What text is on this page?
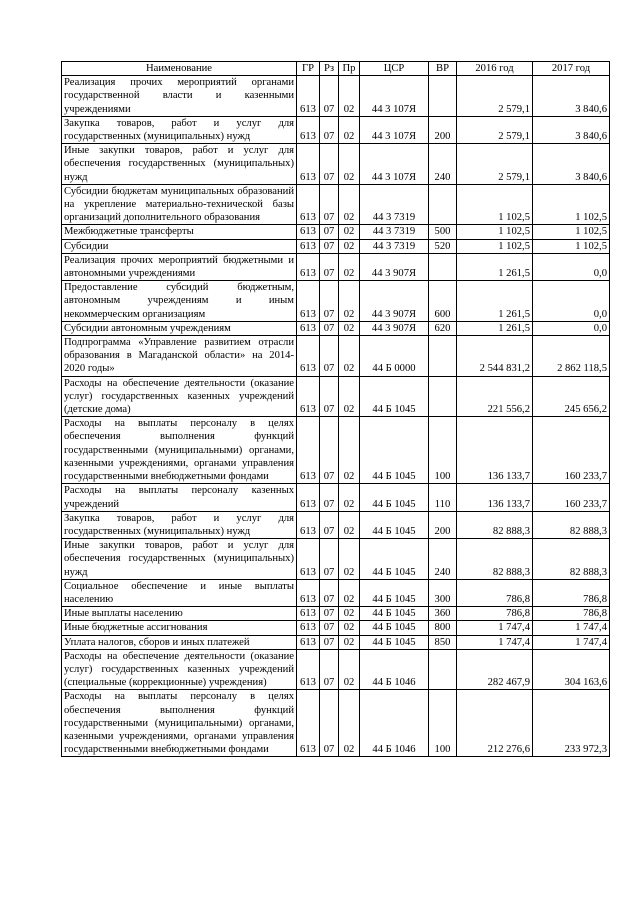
Наименование	ГР	Рз	Пр	ЦСР	ВР	2016 год	2017 год
Реализация прочих мероприятий органами государственной власти и казенными учреждениями	613	07	02	44 3 107Я		2 579,1	3 840,6
Закупка товаров, работ и услуг для государственных (муниципальных) нужд	613	07	02	44 3 107Я	200	2 579,1	3 840,6
Иные закупки товаров, работ и услуг для обеспечения государственных (муниципальных) нужд	613	07	02	44 3 107Я	240	2 579,1	3 840,6
Субсидии бюджетам муниципальных образований на укрепление материально-технической базы организаций дополнительного образования	613	07	02	44 3 7319		1 102,5	1 102,5
Межбюджетные трансферты	613	07	02	44 3 7319	500	1 102,5	1 102,5
Субсидии	613	07	02	44 3 7319	520	1 102,5	1 102,5
Реализация прочих мероприятий бюджетными и автономными учреждениями	613	07	02	44 3 907Я		1 261,5	0,0
Предоставление субсидий бюджетным, автономным учреждениям и иным некоммерческим организациям	613	07	02	44 3 907Я	600	1 261,5	0,0
Субсидии автономным учреждениям	613	07	02	44 3 907Я	620	1 261,5	0,0
Подпрограмма «Управление развитием отрасли образования в Магаданской области» на 2014-2020 годы»	613	07	02	44 Б 0000		2 544 831,2	2 862 118,5
Расходы на обеспечение деятельности (оказание услуг) государственных казенных учреждений (детские дома)	613	07	02	44 Б 1045		221 556,2	245 656,2
Расходы на выплаты персоналу в целях обеспечения выполнения функций государственными (муниципальными) органами, казенными учреждениями, органами управления государственными внебюджетными фондами	613	07	02	44 Б 1045	100	136 133,7	160 233,7
Расходы на выплаты персоналу казенных учреждений	613	07	02	44 Б 1045	110	136 133,7	160 233,7
Закупка товаров, работ и услуг для государственных (муниципальных) нужд	613	07	02	44 Б 1045	200	82 888,3	82 888,3
Иные закупки товаров, работ и услуг для обеспечения государственных (муниципальных) нужд	613	07	02	44 Б 1045	240	82 888,3	82 888,3
Социальное обеспечение и иные выплаты населению	613	07	02	44 Б 1045	300	786,8	786,8
Иные выплаты населению	613	07	02	44 Б 1045	360	786,8	786,8
Иные бюджетные ассигнования	613	07	02	44 Б 1045	800	1 747,4	1 747,4
Уплата налогов, сборов и иных платежей	613	07	02	44 Б 1045	850	1 747,4	1 747,4
Расходы на обеспечение деятельности (оказание услуг) государственных казенных учреждений (специальные (коррекционные) учреждения)	613	07	02	44 Б 1046		282 467,9	304 163,6
Расходы на выплаты персоналу в целях обеспечения выполнения функций государственными (муниципальными) органами, казенными учреждениями, органами управления государственными внебюджетными фондами	613	07	02	44 Б 1046	100	212 276,6	233 972,3
